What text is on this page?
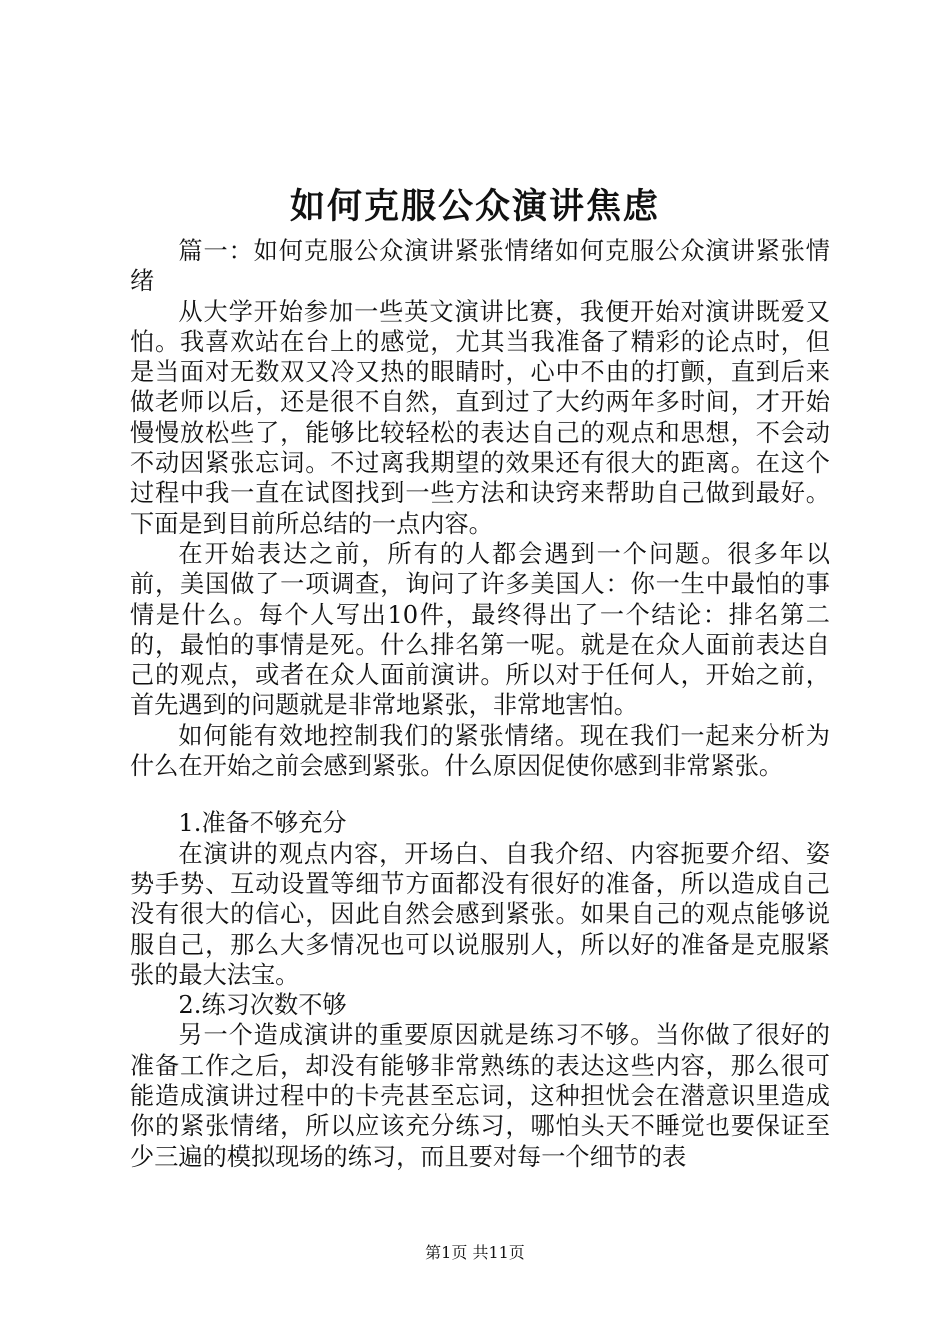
如何克服公众演讲焦虑

篇一：如何克服公众演讲紧张情绪如何克服公众演讲紧张情绪

从大学开始参加一些英文演讲比赛，我便开始对演讲既爱又怕。我喜欢站在台上的感觉，尤其当我准备了精彩的论点时，但是当面对无数双又冷又热的眼睛时，心中不由的打颤，直到后来做老师以后，还是很不自然，直到过了大约两年多时间，才开始慢慢放松些了，能够比较轻松的表达自己的观点和思想，不会动不动因紧张忘词。不过离我期望的效果还有很大的距离。在这个过程中我一直在试图找到一些方法和诀窍来帮助自己做到最好。下面是到目前所总结的一点内容。

在开始表达之前，所有的人都会遇到一个问题。很多年以前，美国做了一项调查，询问了许多美国人：你一生中最怕的事情是什么。每个人写出10件，最终得出了一个结论：排名第二的，最怕的事情是死。什么排名第一呢。就是在众人面前表达自己的观点，或者在众人面前演讲。所以对于任何人，开始之前，首先遇到的问题就是非常地紧张，非常地害怕。

如何能有效地控制我们的紧张情绪。现在我们一起来分析为什么在开始之前会感到紧张。什么原因促使你感到非常紧张。

1.准备不够充分

在演讲的观点内容，开场白、自我介绍、内容扼要介绍、姿势手势、互动设置等细节方面都没有很好的准备，所以造成自己没有很大的信心，因此自然会感到紧张。如果自己的观点能够说服自己，那么大多情况也可以说服别人，所以好的准备是克服紧张的最大法宝。

2.练习次数不够

另一个造成演讲的重要原因就是练习不够。当你做了很好的准备工作之后，却没有能够非常熟练的表达这些内容，那么很可能造成演讲过程中的卡壳甚至忘词，这种担忧会在潜意识里造成你的紧张情绪，所以应该充分练习，哪怕头天不睡觉也要保证至少三遍的模拟现场的练习，而且要对每一个细节的表

第1页 共11页
